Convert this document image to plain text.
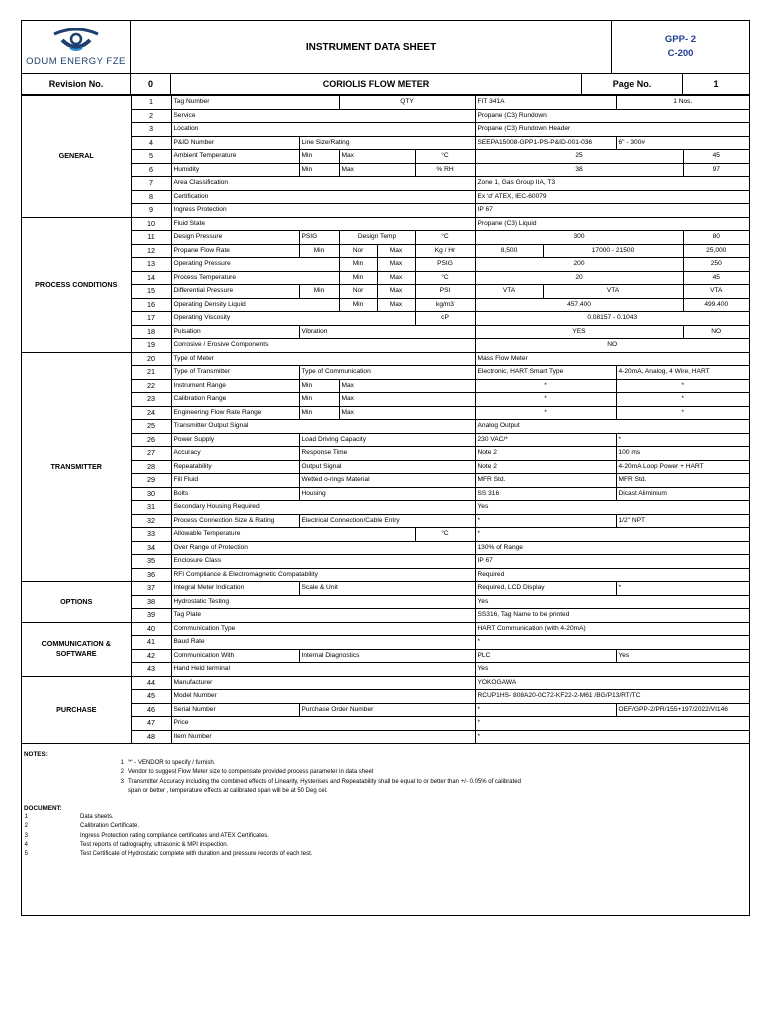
ODUM ENERGY FZE
INSTRUMENT DATA SHEET
GPP- 2
C-200
Revision No.	0	CORIOLIS FLOW METER	Page No.	1
GENERAL	1	Tag Number		QTY			FIT 341A		1 Nos.	
	2	Service					Propane (C3) Rundown			
	3	Location					Propane (C3) Rundown Header			
	4	P&ID Number	Line Size/Rating				SEEPA15008-GPP1-PS-P&ID-001-036		6" - 300#	
	5	Ambient Temperature	Min	Max		°C	25			45
	6	Humidity	Min	Max		% RH	38			97
	7	Area Classification					Zone 1, Gas Group IIA, T3			
	8	Certification					Ex 'd' ATEX, IEC-60079			
	9	Ingress Protection					IP 67			
PROCESS CONDITIONS	10	Fluid State					Propane (C3) Liquid			
	11	Design Pressure	PSIG	Design Temp		°C	300			80
	12	Propane Flow Rate	Min	Nor	Max	Kg / Hr	8,500	17000 - 21500		25,000
	13	Operating Pressure		Min	Max	PSIG	200			250
	14	Process Temperature		Min	Max	°C	20			45
	15	Differential Pressure	Min	Nor	Max	PSI	VTA	VTA		VTA
	16	Operating Density Liquid		Min	Max	kg/m3	457.400			499.400
	17	Operating Viscosity				cP	0.08157 - 0.1043			
	18	Pulsation	Vibration				YES			NO
	19	Corrosive / Erosive Components					NO			
TRANSMITTER	20	Type of Meter					Mass Flow Meter			
	21	Type of Transmitter	Type of Communication				Electronic, HART Smart Type		4-20mA, Analog, 4 Wire, HART	
	22	Instrument Range	Min	Max			*		*	
	23	Calibration Range	Min	Max			*		*	
	24	Engineering Flow Rate Range	Min	Max			*		*	
	25	Transmitter Output Signal					Analog Output			
	26	Power Supply	Load Driving Capacity				230 VAC/*		*	
	27	Accuracy	Response Time				Note 2		100 ms	
	28	Repeatability	Output Signal				Note 2		4-20mA Loop Power + HART	
	29	Fill Fluid	Wetted o-rings Material				MFR Std.		MFR Std.	
	30	Bolts	Housing				SS 316		Dicast Aliminium	
	31	Secondary Housing Required					Yes			
	32	Process Connection Size & Rating	Electrical Connection/Cable Entry				*		1/2" NPT	
	33	Allowable Temperature				°C	*			
	34	Over Range of Protection					130% of Range			
	35	Enclosure Class					IP 67			
	36	RFI Compliance & Electromagnetic Compatability					Required			
OPTIONS	37	Integral Meter Indication	Scale & Unit				Required, LCD Display		*	
	38	Hydrostatic Testing					Yes			
	39	Tag Plate					SS316, Tag Name to be printed			
COMMUNICATION & SOFTWARE	40	Communication Type					HART Communication (with 4-20mA)			
	41	Baud Rate					*			
	42	Communication With	Internal Diagnostics				PLC		Yes	
	43	Hand Held terminal					Yes			
PURCHASE	44	Manufacturer					YOKOGAWA			
	45	Model Number					RCUP1HS- 808A20-0C72-KF22-2-M61 /BG/P13/RT/TC			
	46	Serial Number	Purchase Order Number				*		OEF/GPP-2/PR/155+197/2022/VI146	
	47	Price					*			
	48	Item Number					*			
NOTES:
1 '*' - VENDOR to specify / furnish.
2 Vendor to suggest Flow Meter size to compensate provided process parameter in data sheet
3 Transmitter Accuracy including the combined effects of Linearity, Hysterises and Repeatability shall be equal to or better than +/- 0.05% of calibrated
span or better , temperature effects at calibrated span will be at 50 Deg cel.
DOCUMENT:
1	Data sheets.
2	Calibration Certificate.
3	Ingress Protection rating compliance certificates and ATEX Certificates.
4	Test reports of radiography, ultrasonic & MPI inspection.
5	Test Certificate of Hydrostatic complete with duration and pressure records of each test.
